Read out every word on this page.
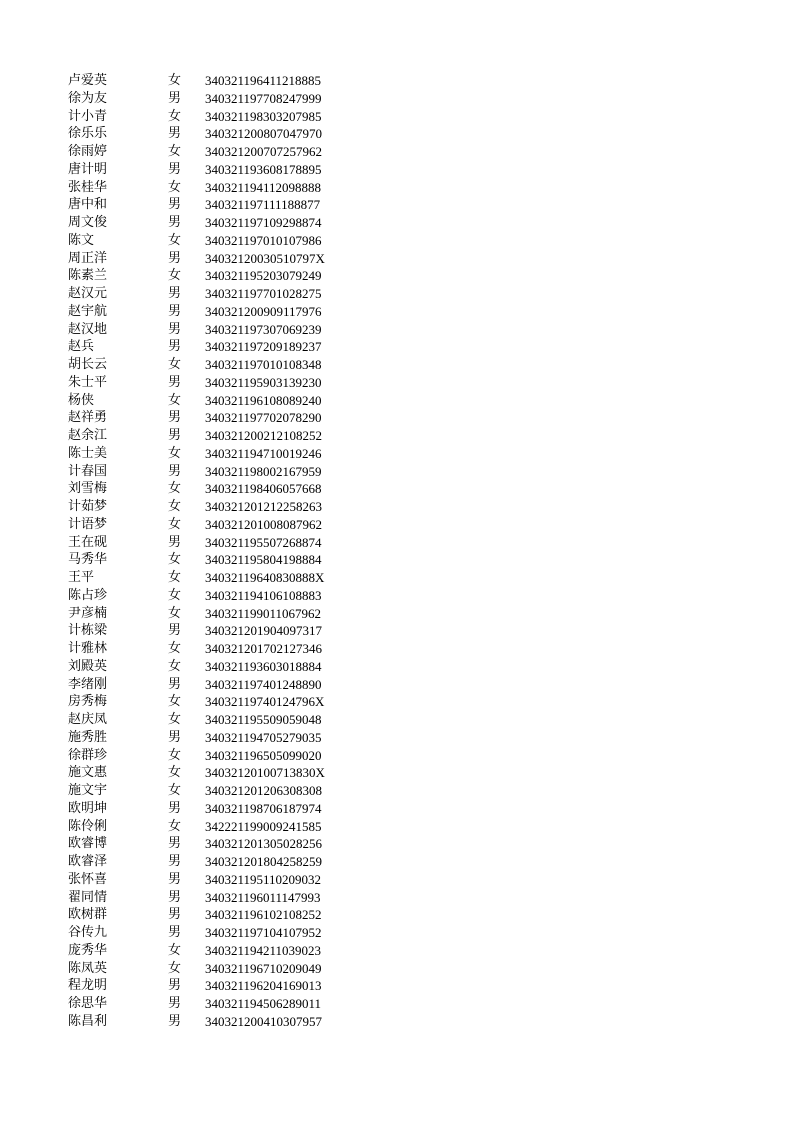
卢爱英	女	340321196411218885
徐为友	男	340321197708247999
计小青	女	340321198303207985
徐乐乐	男	340321200807047970
徐雨婷	女	340321200707257962
唐计明	男	340321193608178895
张桂华	女	340321194112098888
唐中和	男	340321197111188877
周文俊	男	340321197109298874
陈文	女	340321197010107986
周正洋	男	34032120030510797X
陈素兰	女	340321195203079249
赵汉元	男	340321197701028275
赵宇航	男	340321200909117976
赵汉地	男	340321197307069239
赵兵	男	340321197209189237
胡长云	女	340321197010108348
朱士平	男	340321195903139230
杨侠	女	340321196108089240
赵祥勇	男	340321197702078290
赵余江	男	340321200212108252
陈士美	女	340321194710019246
计春国	男	340321198002167959
刘雪梅	女	340321198406057668
计茹梦	女	340321201212258263
计语梦	女	340321201008087962
王在砚	男	340321195507268874
马秀华	女	340321195804198884
王平	女	34032119640830888X
陈占珍	女	340321194106108883
尹彦楠	女	340321199011067962
计栋梁	男	340321201904097317
计雅林	女	340321201702127346
刘殿英	女	340321193603018884
李绪刚	男	340321197401248890
房秀梅	女	34032119740124796X
赵庆凤	女	340321195509059048
施秀胜	男	340321194705279035
徐群珍	女	340321196505099020
施文惠	女	34032120100713830X
施文宇	女	340321201206308308
欧明坤	男	340321198706187974
陈伶俐	女	342221199009241585
欧睿博	男	340321201305028256
欧睿泽	男	340321201804258259
张怀喜	男	340321195110209032
翟同情	男	340321196011147993
欧树群	男	340321196102108252
谷传九	男	340321197104107952
庞秀华	女	340321194211039023
陈凤英	女	340321196710209049
程龙明	男	340321196204169013
徐思华	男	340321194506289011
陈昌利	男	340321200410307957
